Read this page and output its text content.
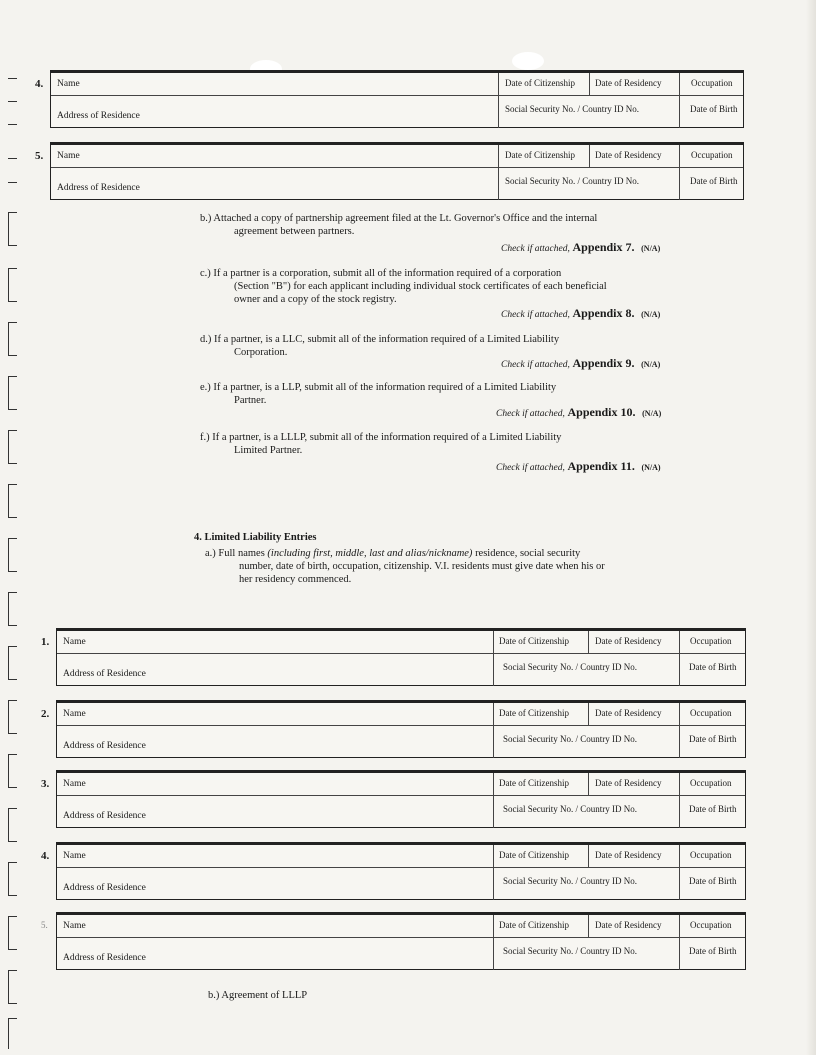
4. Name	Date of Citizenship Date of Residency	Occupation
Address of Residence
Social Security No. / Country ID No.	Date of Birth
5. Name	Date of Citizenship Date of Residency	Occupation
Address of Residence
Social Security No. / Country ID No.	Date of Birth
b.) Attached a copy of partnership agreement filed at the Lt. Governor's Office and the internal

agreement between partners.
Check if attached, Appendix 7. (N/A)
c.) If a partner is a corporation, submit all of the information required of a corporation

(Section "B") for each applicant including individual stock certificates of each beneficial
owner and a copy of the stock registry.
Check if attached, Appendix 8. (N/A)
d.) If a partner, is a LLC, submit all of the information required of a Limited Liability

Corporation.
Check if attached, Appendix 9. (N/A)
e.) If a partner, is a LLP, submit all of the information required of a Limited Liability

Partner.
Check if attached, Appendix 10. (N/A)
f.) If a partner, is a LLLP, submit all of the information required of a Limited Liability

Limited Partner.
Check if attached, Appendix 11. (N/A)
4. Limited Liability Entries
a.) Full names (including first, middle, last and alias/nickname) residence, social security

number, date of birth, occupation, citizenship. V.I. residents must give date when his or
her residency commenced.
1. Name	Date of Citizenship	Date of Residency	Occupation
Address of Residence
Social Security No. / Country ID No.	Date of Birth
2. Name	Date of Citizenship	Date of Residency	Occupation
Address of Residence
Social Security No. / Country ID No.	Date of Birth
3. Name	Date of Citizenship	Date of Residency	Occupation
Address of Residence
Social Security No. / Country ID No.	Date of Birth
4. Name	Date of Citizenship	Date of Residency	Occupation
Address of Residence
Social Security No. / Country ID No.	Date of Birth
5. Name	Date of Citizenship	Date of Residency	Occupation
Address of Residence
Social Security No. / Country ID No.	Date of Birth
b.) Agreement of LLLP
